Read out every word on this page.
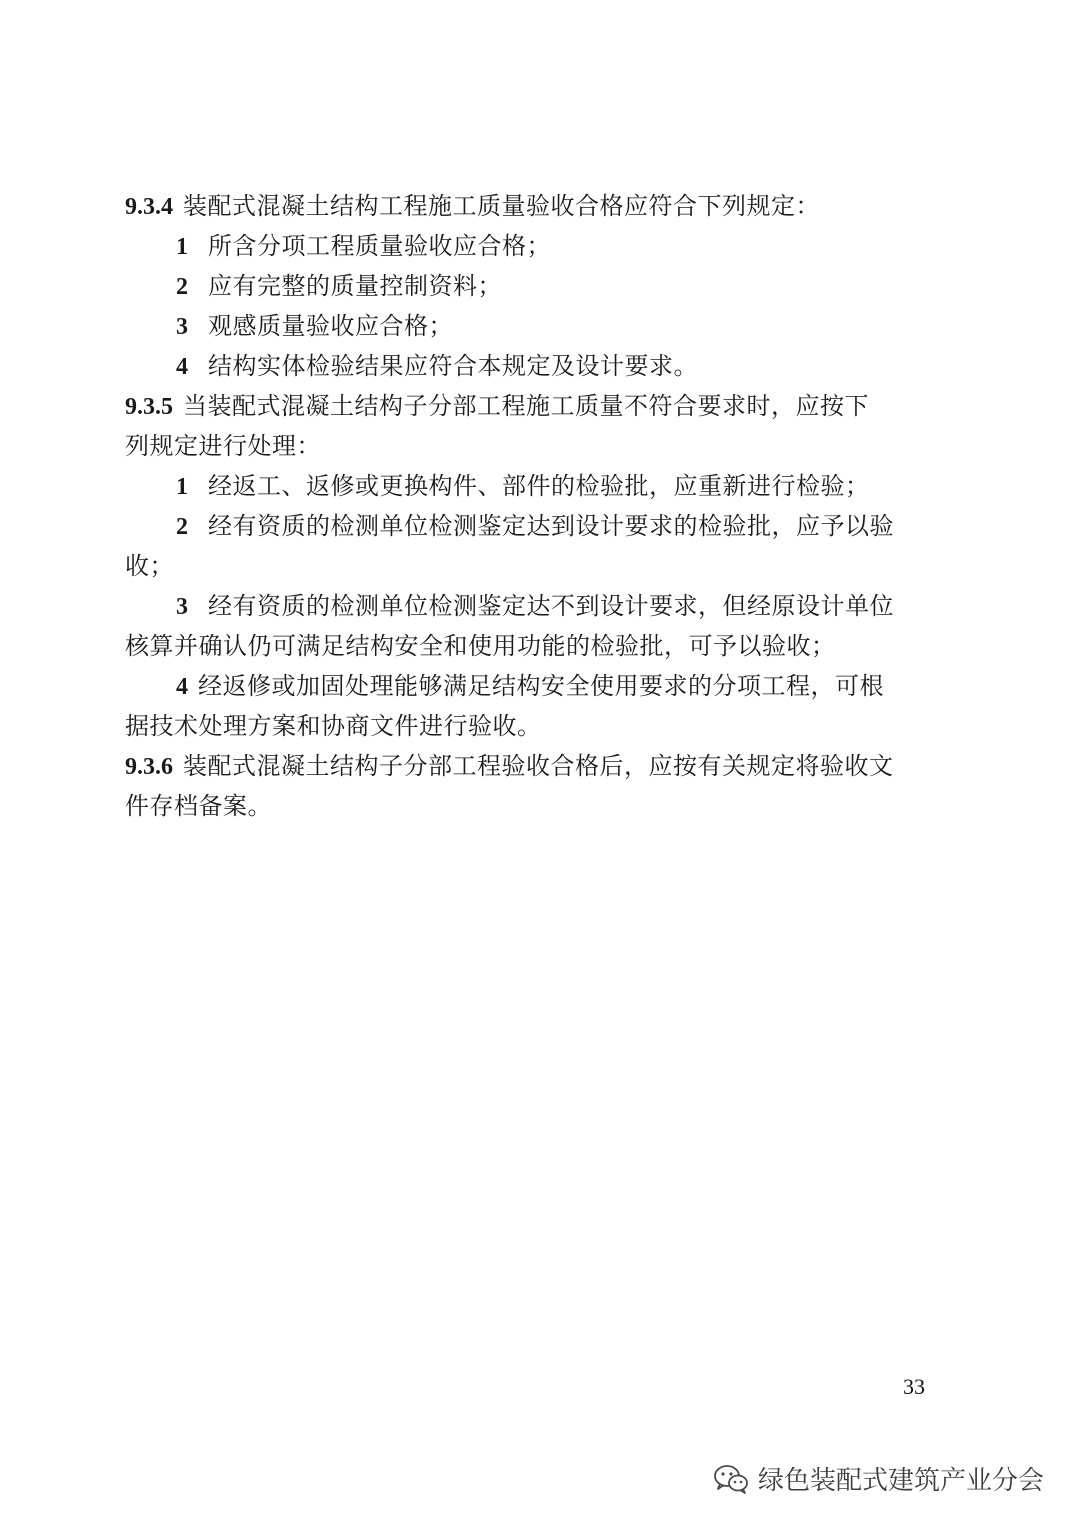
9.3.4 装配式混凝土结构工程施工质量验收合格应符合下列规定：
1 所含分项工程质量验收应合格；
2 应有完整的质量控制资料；
3 观感质量验收应合格；
4 结构实体检验结果应符合本规定及设计要求。
9.3.5 当装配式混凝土结构子分部工程施工质量不符合要求时，应按下
列规定进行处理：
1 经返工、返修或更换构件、部件的检验批，应重新进行检验；
2 经有资质的检测单位检测鉴定达到设计要求的检验批，应予以验
收；
3 经有资质的检测单位检测鉴定达不到设计要求，但经原设计单位
核算并确认仍可满足结构安全和使用功能的检验批，可予以验收；
4 经返修或加固处理能够满足结构安全使用要求的分项工程，可根
据技术处理方案和协商文件进行验收。
9.3.6 装配式混凝土结构子分部工程验收合格后，应按有关规定将验收文
件存档备案。
33
绿色装配式建筑产业分会
